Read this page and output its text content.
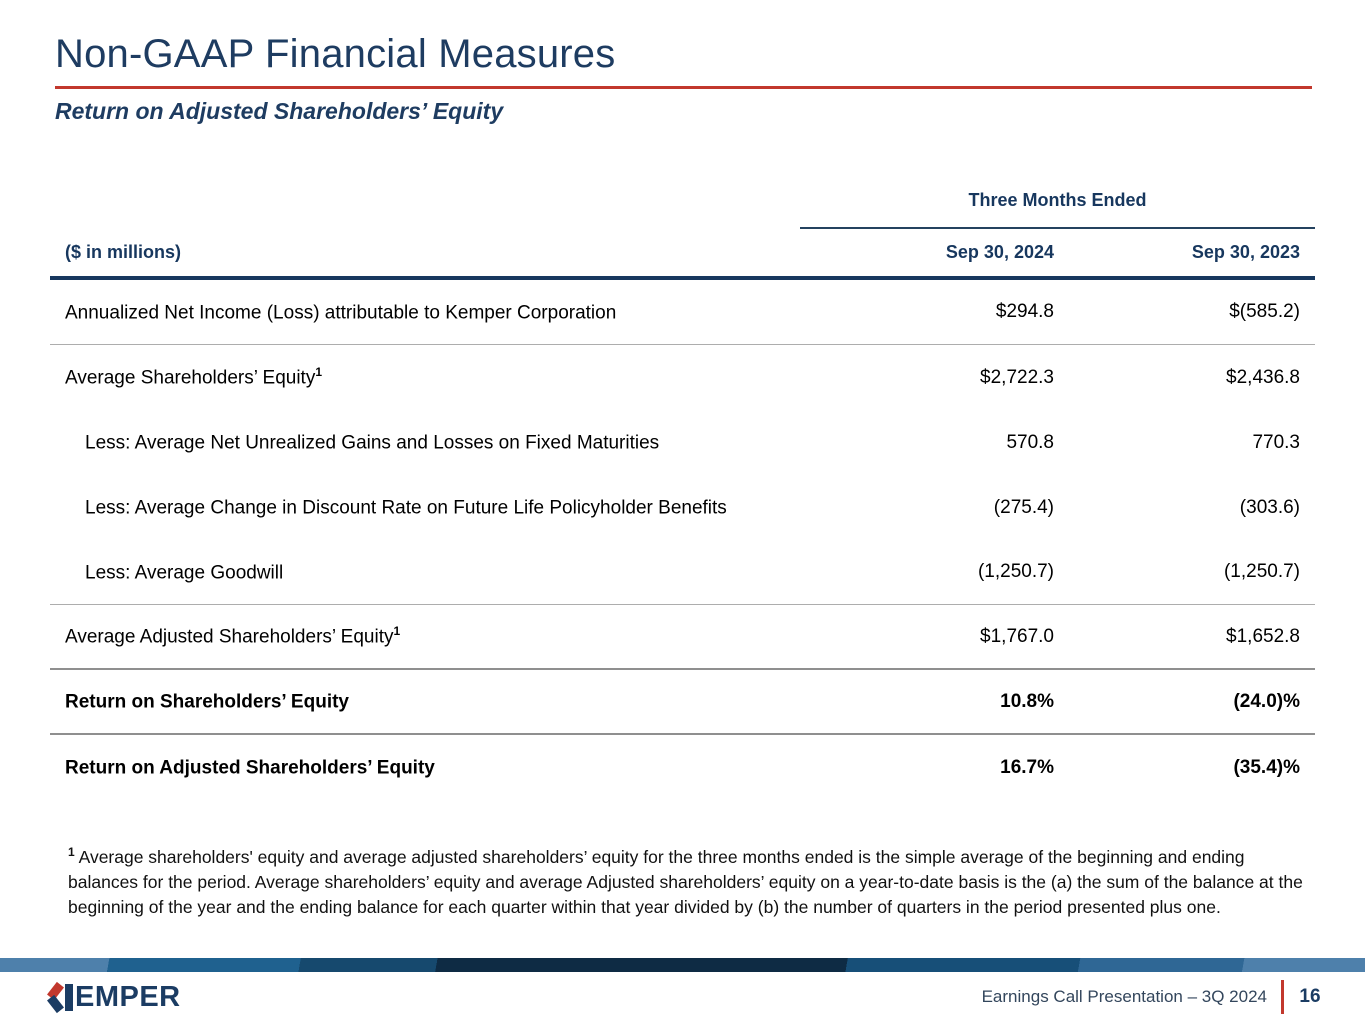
Non-GAAP Financial Measures
Return on Adjusted Shareholders’ Equity
Three Months Ended
($ in millions)	Sep 30, 2024	Sep 30, 2023
Annualized Net Income (Loss) attributable to Kemper Corporation	$294.8	$(585.2)
Average Shareholders’ Equity$^1$	$2,722.3	$2,436.8
Less: Average Net Unrealized Gains and Losses on Fixed Maturities	570.8	770.3
Less: Average Change in Discount Rate on Future Life Policyholder Benefits	(275.4)	(303.6)
Less: Average Goodwill	(1,250.7)	(1,250.7)
Average Adjusted Shareholders’ Equity$^1$	$1,767.0	$1,652.8
Return on Shareholders’ Equity	10.8%	(24.0)%
Return on Adjusted Shareholders’ Equity	16.7%	(35.4)%
$^1$ Average shareholders' equity and average adjusted shareholders’ equity for the three months ended is the simple average of the beginning and ending balances for the period. Average shareholders’ equity and average Adjusted shareholders’ equity on a year-to-date basis is the (a) the sum of the balance at the beginning of the year and the ending balance for each quarter within that year divided by (b) the number of quarters in the period presented plus one.
EMPER	Earnings Call Presentation – 3Q 2024 16
